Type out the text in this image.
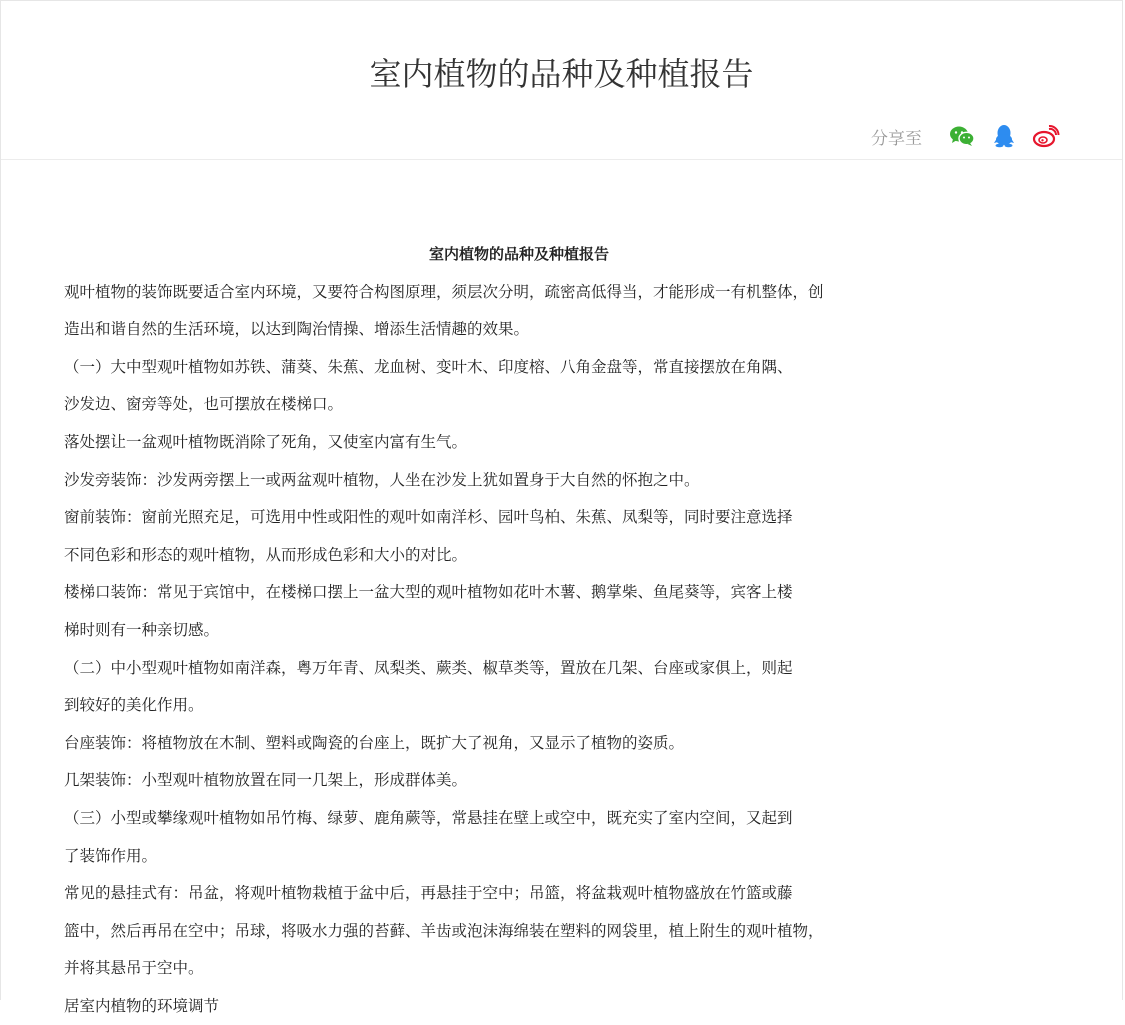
室内植物的品种及种植报告
分享至

室内植物的品种及种植报告

观叶植物的装饰既要适合室内环境，又要符合构图原理，须层次分明，疏密高低得当，才能形成一有机整体，创

造出和谐自然的生活环境，以达到陶治情操、增添生活情趣的效果。

（一）大中型观叶植物如苏铁、蒲葵、朱蕉、龙血树、变叶木、印度榕、八角金盘等，常直接摆放在角隅、

沙发边、窗旁等处，也可摆放在楼梯口。

落处摆让一盆观叶植物既消除了死角，又使室内富有生气。

沙发旁装饰：沙发两旁摆上一或两盆观叶植物，人坐在沙发上犹如置身于大自然的怀抱之中。

窗前装饰：窗前光照充足，可选用中性或阳性的观叶如南洋杉、园叶鸟柏、朱蕉、凤梨等，同时要注意选择

不同色彩和形态的观叶植物，从而形成色彩和大小的对比。

楼梯口装饰：常见于宾馆中，在楼梯口摆上一盆大型的观叶植物如花叶木薯、鹅掌柴、鱼尾葵等，宾客上楼

梯时则有一种亲切感。

（二）中小型观叶植物如南洋森，粤万年青、凤梨类、蕨类、椒草类等，置放在几架、台座或家俱上，则起

到较好的美化作用。

台座装饰：将植物放在木制、塑料或陶瓷的台座上，既扩大了视角，又显示了植物的姿质。

几架装饰：小型观叶植物放置在同一几架上，形成群体美。

（三）小型或攀缘观叶植物如吊竹梅、绿萝、鹿角蕨等，常悬挂在壁上或空中，既充实了室内空间，又起到

了装饰作用。

常见的悬挂式有：吊盆，将观叶植物栽植于盆中后，再悬挂于空中；吊篮，将盆栽观叶植物盛放在竹篮或藤

篮中，然后再吊在空中；吊球，将吸水力强的苔藓、羊齿或泡沫海绵装在塑料的网袋里，植上附生的观叶植物，

并将其悬吊于空中。

居室内植物的环境调节
